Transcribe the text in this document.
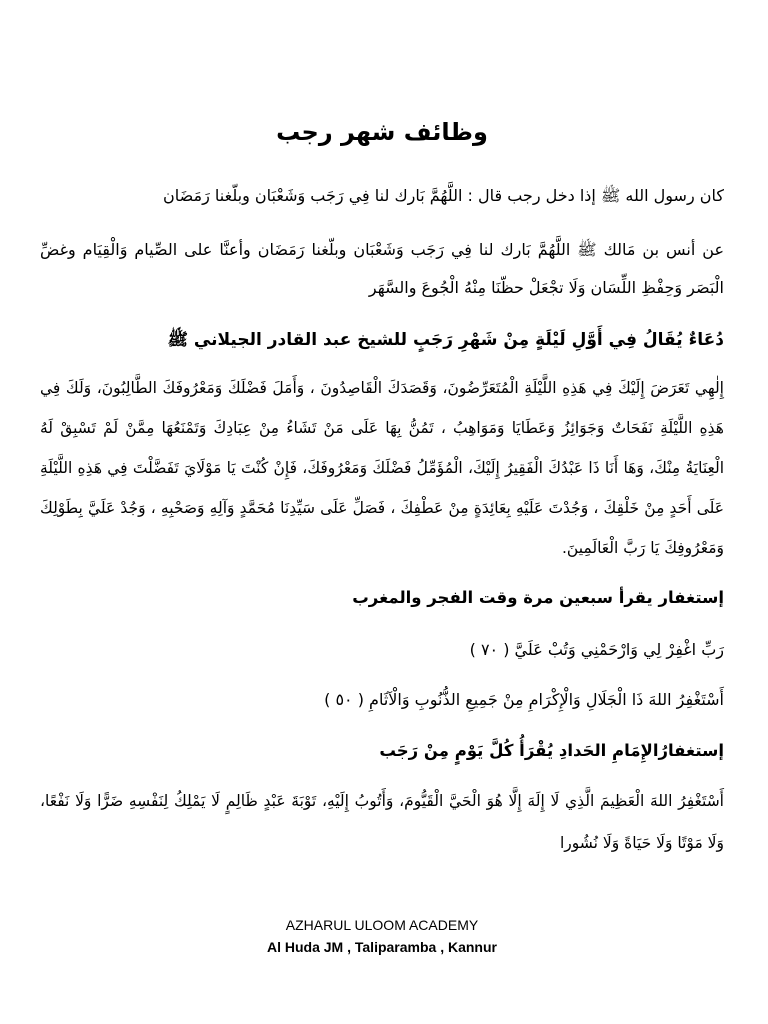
وظائف شهر رجب
كان رسول الله ﷺ إذا دخل رجب قال : اللَّهُمَّ بَارك لنا فِي رَجَب وَشَعْبَان وبلّغنا رَمَضَان
عن أنس بن مَالك ﷺ اللَّهُمَّ بَارك لنا فِي رَجَب وَشَعْبَان وبلّغنا رَمَضَان وأعنَّا على الصِّيام وَالْقِيَام وغضِّ الْبَصَر وَحِفْظِ اللِّسَان وَلَا تجْعَلْ حظّنَا مِنْهُ الْجُوعَ والسَّهَر
دُعَاءٌ يُقَالُ فِي أَوَّلِ لَيْلَةٍ مِنْ شَهْرِ رَجَبٍ للشيخ عبد القادر الجيلاني ﷺ
إِلٰهِي تَعَرَضَ إِلَيْكَ فِي هَذِهِ اللَّيْلَةِ الْمُتَعَرِّضُونَ، وَقَصَدَكَ الْقَاصِدُونَ ، وَأَمَلَ فَضْلَكَ وَمَعْرُوفَكَ الطَّالِبُونَ، وَلَكَ فِي هَذِهِ اللَّيْلَةِ نَفَحَاتٌ وَجَوَائِزُ وَعَطَايَا وَمَوَاهِبُ ، تَمُنُّ بِهَا عَلَى مَنْ تَشَاءُ مِنْ عِبَادِكَ وَتَمْنَعُهَا مِمَّنْ لَمْ تَسْبِقْ لَهُ الْعِنَايَةُ مِنْكَ، وَهَا أَنَا ذَا عَبْدُكَ الْفَقِيرُ إِلَيْكَ، الْمُؤَمِّلُ فَضْلَكَ وَمَعْرُوفَكَ، فَإِنْ كُنْتَ يَا مَوْلَايَ تَفَضَّلْتَ فِي هَذِهِ اللَّيْلَةِ عَلَى أَحَدٍ مِنْ خَلْقِكَ ، وَجُدْتَ عَلَيْهِ بِعَائِدَةٍ مِنْ عَطْفِكَ ، فَصَلِّ عَلَى سَيِّدِنَا مُحَمَّدٍ وَآلِهِ وَصَحْبِهِ ، وَجُدْ عَلَيَّ بِطَوْلِكَ وَمَعْرُوفِكَ يَا رَبَّ الْعَالَمِينَ.
إستغفار يقرأ سبعين مرة وقت الفجر والمغرب
رَبِّ اغْفِرْ لِي وَارْحَمْنِي وَتُبْ عَلَيَّ ( ٧٠ )
أَسْتَغْفِرُ اللهَ ذَا الْجَلَالِ وَالْإِكْرَامِ مِنْ جَمِيعِ الذُّنُوبِ وَالْآثَامِ ( ٥٠ )
إستغفارُالإِمَامِ الحَدادِ يُقْرَأُ كُلَّ يَوْمٍ مِنْ رَجَب
أَسْتَغْفِرُ اللهَ الْعَظِيمَ الَّذِي لَا إِلَهَ إِلَّا هُوَ الْحَيَّ الْقَيُّومَ، وَأَتُوبُ إِلَيْهِ، تَوْبَةَ عَبْدٍ ظَالِمٍ لَا يَمْلِكُ لِنَفْسِهِ ضَرًّا وَلَا نَفْعًا، وَلَا مَوْتًا وَلَا حَيَاةً وَلَا نُشُورا
AZHARUL ULOOM ACADEMY
Al Huda JM , Taliparamba , Kannur
